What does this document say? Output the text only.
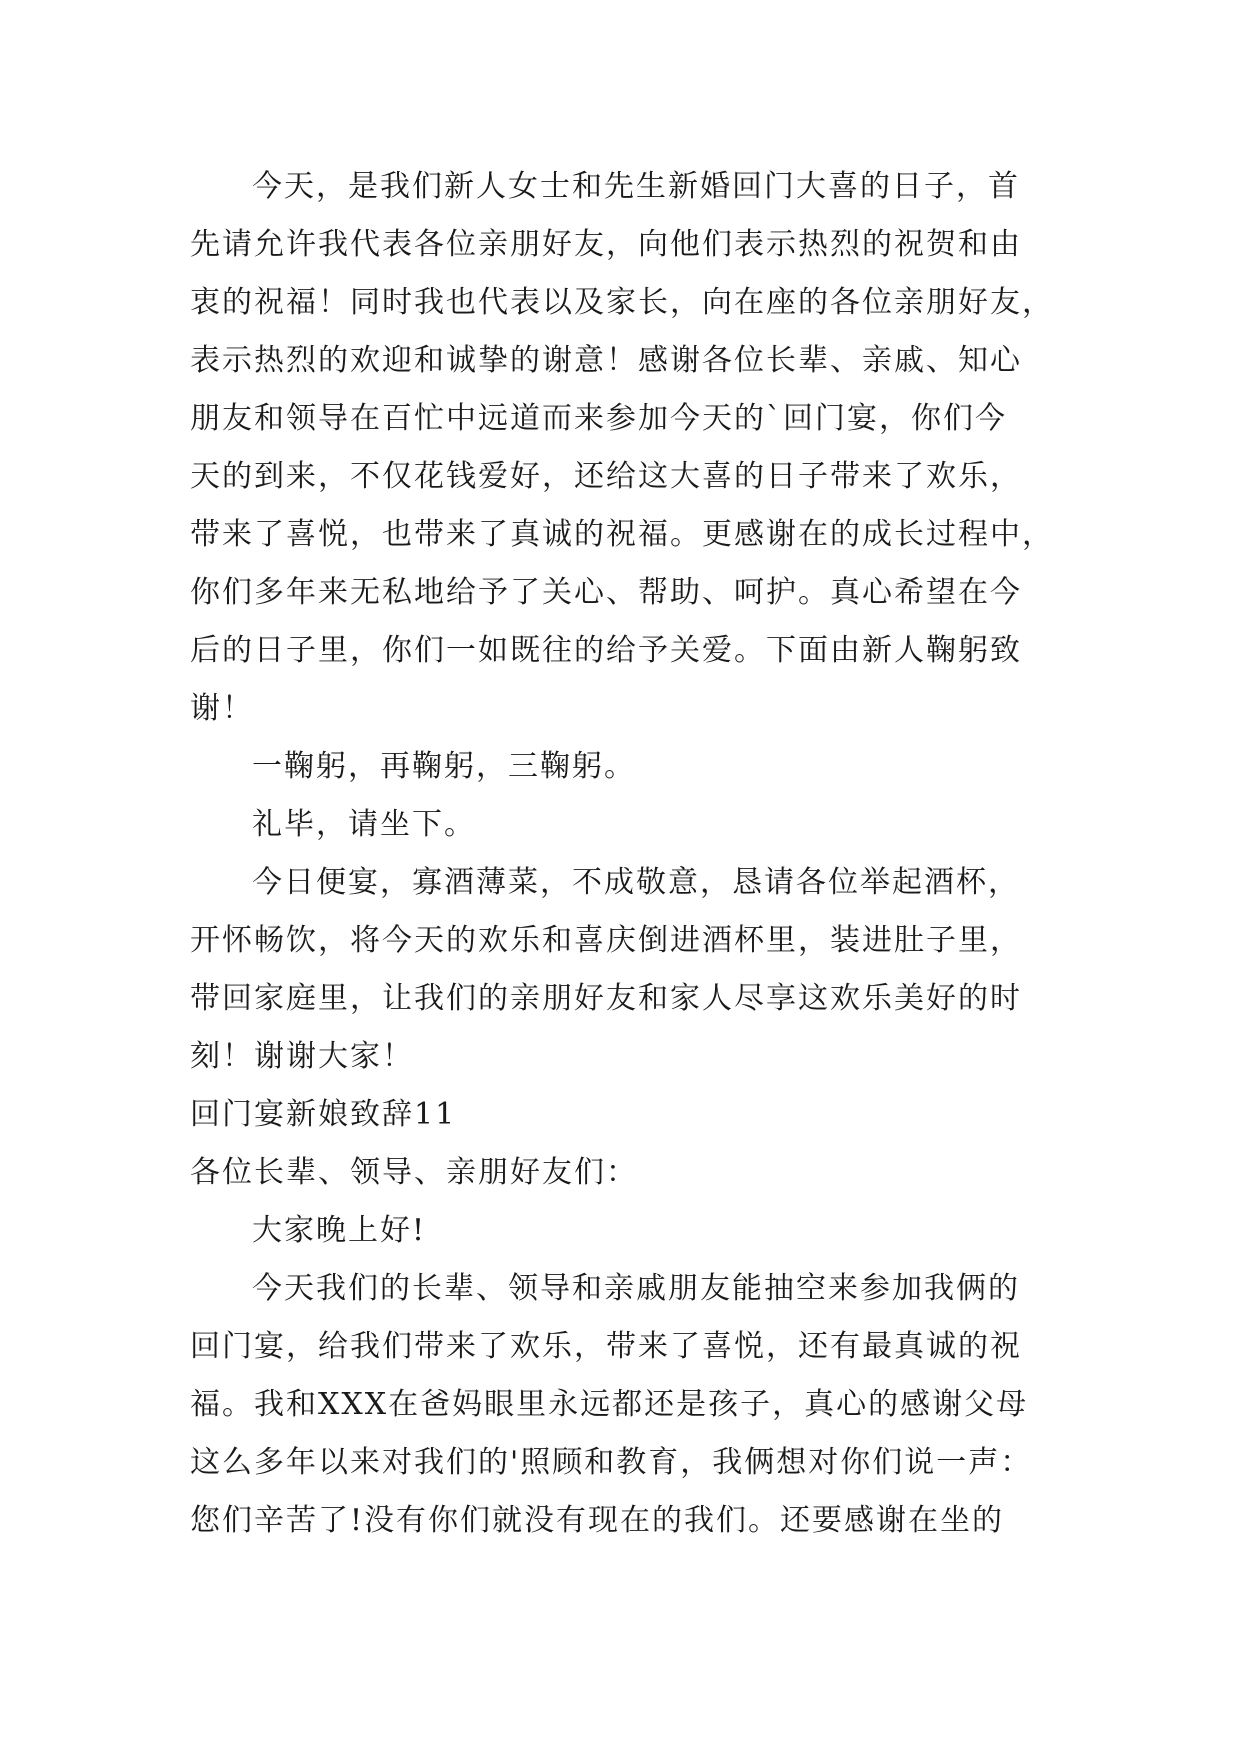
今天，是我们新人女士和先生新婚回门大喜的日子，首
先请允许我代表各位亲朋好友，向他们表示热烈的祝贺和由
衷的祝福！同时我也代表以及家长，向在座的各位亲朋好友，
表示热烈的欢迎和诚挚的谢意！感谢各位长辈、亲戚、知心
朋友和领导在百忙中远道而来参加今天的`回门宴，你们今
天的到来，不仅花钱爱好，还给这大喜的日子带来了欢乐，
带来了喜悦，也带来了真诚的祝福。更感谢在的成长过程中，
你们多年来无私地给予了关心、帮助、呵护。真心希望在今
后的日子里，你们一如既往的给予关爱。下面由新人鞠躬致
谢！
一鞠躬，再鞠躬，三鞠躬。
礼毕，请坐下。
今日便宴，寡酒薄菜，不成敬意，恳请各位举起酒杯，
开怀畅饮，将今天的欢乐和喜庆倒进酒杯里，装进肚子里，
带回家庭里，让我们的亲朋好友和家人尽享这欢乐美好的时
刻！谢谢大家！
回门宴新娘致辞11
各位长辈、领导、亲朋好友们：
大家晚上好!
今天我们的长辈、领导和亲戚朋友能抽空来参加我俩的
回门宴，给我们带来了欢乐，带来了喜悦，还有最真诚的祝
福。我和XXX在爸妈眼里永远都还是孩子，真心的感谢父母
这么多年以来对我们的'照顾和教育，我俩想对你们说一声：
您们辛苦了!没有你们就没有现在的我们。还要感谢在坐的
